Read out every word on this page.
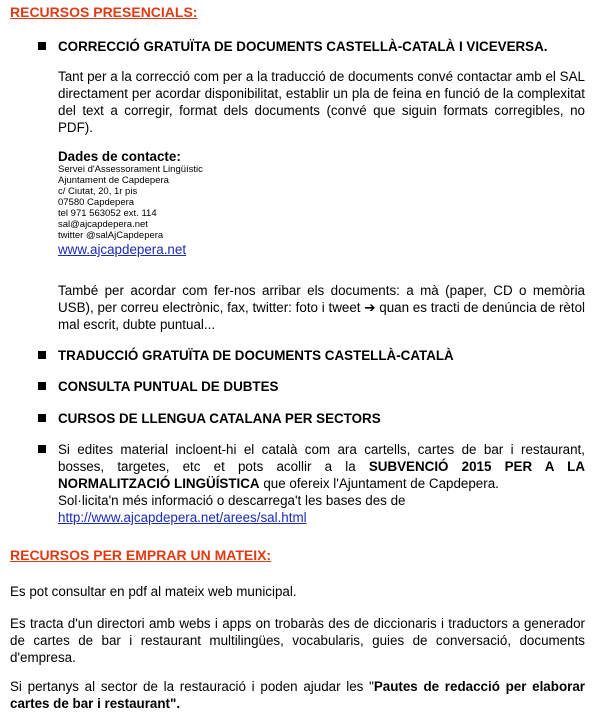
RECURSOS PRESENCIALS:
CORRECCIÓ GRATUÏTA DE DOCUMENTS CASTELLÀ-CATALÀ I VICEVERSA.
Tant per a la correcció com per a la traducció de documents convé contactar amb el SAL directament per acordar disponibilitat, establir un pla de feina en funció de la complexitat del text a corregir, format dels documents (convé que siguin formats corregibles, no PDF).
Dades de contacte:
Servei d'Assessorament Lingüístic
Ajuntament de Capdepera
c/ Ciutat, 20, 1r pis
07580 Capdepera
tel 971 563052 ext. 114
sal@ajcapdepera.net
twitter @salAjCapdepera
www.ajcapdepera.net
També per acordar com fer-nos arribar els documents: a mà (paper, CD o memòria USB), per correu electrònic, fax, twitter: foto i tweet ➔ quan es tracti de denúncia de rètol mal escrit, dubte puntual...
TRADUCCIÓ GRATUÏTA DE DOCUMENTS CASTELLÀ-CATALÀ
CONSULTA PUNTUAL DE DUBTES
CURSOS DE LLENGUA CATALANA PER SECTORS
Si edites material incloent-hi el català com ara cartells, cartes de bar i restaurant, bosses, targetes, etc et pots acollir a la SUBVENCIÓ 2015 PER A LA NORMALITZACIÓ LINGÜÍSTICA que ofereix l'Ajuntament de Capdepera.
Sol·licita'n més informació o descarrega't les bases des de
http://www.ajcapdepera.net/arees/sal.html
RECURSOS PER EMPRAR UN MATEIX:
Es pot consultar en pdf al mateix web municipal.
Es tracta d'un directori amb webs i apps on trobaràs des de diccionaris i traductors a generador de cartes de bar i restaurant multilingües, vocabularis, guies de conversació, documents d'empresa.
Si pertanys al sector de la restauració i poden ajudar les "Pautes de redacció per elaborar cartes de bar i restaurant".
